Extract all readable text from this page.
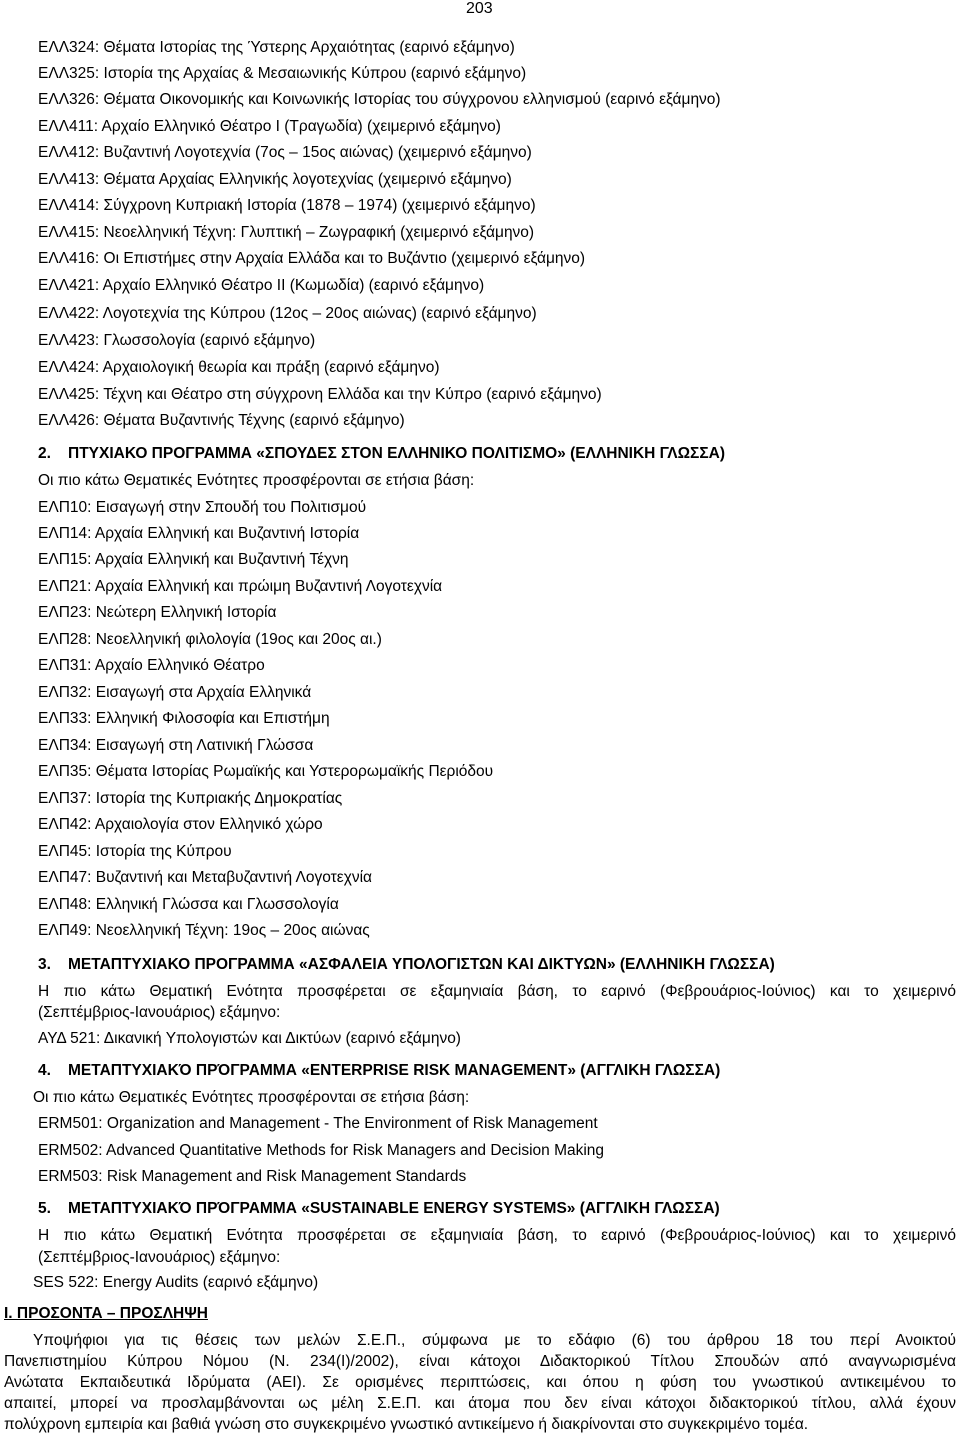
203
ΕΛΛ324: Θέματα Ιστορίας της Ύστερης Αρχαιότητας (εαρινό εξάμηνο)
ΕΛΛ325: Ιστορία της Αρχαίας & Μεσαιωνικής Κύπρου (εαρινό εξάμηνο)
ΕΛΛ326: Θέματα Οικονομικής και Κοινωνικής Ιστορίας του σύγχρονου ελληνισμού (εαρινό εξάμηνο)
ΕΛΛ411: Αρχαίο Ελληνικό Θέατρο Ι (Τραγωδία) (χειμερινό εξάμηνο)
ΕΛΛ412: Βυζαντινή Λογοτεχνία (7ος – 15ος αιώνας) (χειμερινό εξάμηνο)
ΕΛΛ413: Θέματα Αρχαίας Ελληνικής λογοτεχνίας (χειμερινό εξάμηνο)
ΕΛΛ414: Σύγχρονη Κυπριακή Ιστορία (1878 – 1974) (χειμερινό εξάμηνο)
ΕΛΛ415: Νεοελληνική Τέχνη: Γλυπτική – Ζωγραφική (χειμερινό εξάμηνο)
ΕΛΛ416: Οι Επιστήμες στην Αρχαία Ελλάδα και το Βυζάντιο (χειμερινό εξάμηνο)
ΕΛΛ421: Αρχαίο Ελληνικό Θέατρο ΙΙ (Κωμωδία) (εαρινό εξάμηνο)
ΕΛΛ422: Λογοτεχνία της Κύπρου (12ος – 20ος αιώνας) (εαρινό εξάμηνο)
ΕΛΛ423: Γλωσσολογία (εαρινό εξάμηνο)
ΕΛΛ424: Αρχαιολογική θεωρία και πράξη (εαρινό εξάμηνο)
ΕΛΛ425: Τέχνη και Θέατρο στη σύγχρονη Ελλάδα και την Κύπρο (εαρινό εξάμηνο)
ΕΛΛ426: Θέματα Βυζαντινής Τέχνης (εαρινό εξάμηνο)
2. ΠΤΥΧΙΑΚΟ ΠΡΟΓΡΑΜΜΑ «ΣΠΟΥΔΕΣ ΣΤΟΝ ΕΛΛΗΝΙΚΟ ΠΟΛΙΤΙΣΜΟ» (ΕΛΛΗΝΙΚΗ ΓΛΩΣΣΑ)
Οι πιο κάτω Θεματικές Ενότητες προσφέρονται σε ετήσια βάση:
ΕΛΠ10: Εισαγωγή στην Σπουδή του Πολιτισμού
ΕΛΠ14: Αρχαία Ελληνική και Βυζαντινή Ιστορία
ΕΛΠ15: Αρχαία Ελληνική και Βυζαντινή Τέχνη
ΕΛΠ21: Αρχαία Ελληνική και πρώιμη Βυζαντινή Λογοτεχνία
ΕΛΠ23: Νεώτερη Ελληνική Ιστορία
ΕΛΠ28: Νεοελληνική φιλολογία (19ος και 20ος αι.)
ΕΛΠ31: Αρχαίο Ελληνικό Θέατρο
ΕΛΠ32: Εισαγωγή στα Αρχαία Ελληνικά
ΕΛΠ33: Ελληνική Φιλοσοφία και Επιστήμη
ΕΛΠ34: Εισαγωγή στη Λατινική Γλώσσα
ΕΛΠ35: Θέματα Ιστορίας Ρωμαϊκής και Υστερορωμαϊκής Περιόδου
ΕΛΠ37: Ιστορία της Κυπριακής Δημοκρατίας
ΕΛΠ42: Αρχαιολογία στον Ελληνικό χώρο
ΕΛΠ45: Ιστορία της Κύπρου
ΕΛΠ47: Βυζαντινή και Μεταβυζαντινή Λογοτεχνία
ΕΛΠ48: Ελληνική Γλώσσα και Γλωσσολογία
ΕΛΠ49: Νεοελληνική Τέχνη: 19ος – 20ος αιώνας
3. ΜΕΤΑΠΤΥΧΙΑΚΟ ΠΡΟΓΡΑΜΜΑ «ΑΣΦΑΛΕΙΑ ΥΠΟΛΟΓΙΣΤΩΝ ΚΑΙ ΔΙΚΤΥΩΝ» (ΕΛΛΗΝΙΚΗ ΓΛΩΣΣΑ)
Η πιο κάτω Θεματική Ενότητα προσφέρεται σε εξαμηνιαία βάση, το εαρινό (Φεβρουάριος-Ιούνιος) και το χειμερινό
(Σεπτέμβριος-Ιανουάριος) εξάμηνο:
ΑΥΔ 521: Δικανική Υπολογιστών και Δικτύων (εαρινό εξάμηνο)
4. ΜΕΤΑΠΤΥΧΙΑΚΌ ΠΡΌΓΡΑΜΜΑ «ENTERPRISE RISK MANAGEMENT» (ΑΓΓΛΙΚΗ ΓΛΩΣΣΑ)
Οι πιο κάτω Θεματικές Ενότητες προσφέρονται σε ετήσια βάση:
ERM501: Organization and Management - The Environment of Risk Management
ERM502: Advanced Quantitative Methods for Risk Managers and Decision Making
ERM503: Risk Management and Risk Management Standards
5. ΜΕΤΑΠΤΥΧΙΑΚΌ ΠΡΌΓΡΑΜΜΑ «SUSTAINABLE ENERGY SYSTEMS» (ΑΓΓΛΙΚΗ ΓΛΩΣΣΑ)
Η πιο κάτω Θεματική Ενότητα προσφέρεται σε εξαμηνιαία βάση, το εαρινό (Φεβρουάριος-Ιούνιος) και το χειμερινό
(Σεπτέμβριος-Ιανουάριος) εξάμηνο:
SES 522: Energy Audits (εαρινό εξάμηνο)
Ι. ΠΡΟΣΟΝΤΑ – ΠΡΟΣΛΗΨΗ
Υποψήφιοι για τις θέσεις των μελών Σ.Ε.Π., σύμφωνα με το εδάφιο (6) του άρθρου 18 του περί Ανοικτού
Πανεπιστημίου Κύπρου Νόμου (Ν. 234(Ι)/2002), είναι κάτοχοι Διδακτορικού Τίτλου Σπουδών από αναγνωρισμένα
Ανώτατα Εκπαιδευτικά Ιδρύματα (ΑΕΙ). Σε ορισμένες περιπτώσεις, και όπου η φύση του γνωστικού αντικειμένου το
απαιτεί, μπορεί να προσλαμβάνονται ως μέλη Σ.Ε.Π. και άτομα που δεν είναι κάτοχοι διδακτορικού τίτλου, αλλά έχουν
πολύχρονη εμπειρία και βαθιά γνώση στο συγκεκριμένο γνωστικό αντικείμενο ή διακρίνονται στο συγκεκριμένο τομέα.
